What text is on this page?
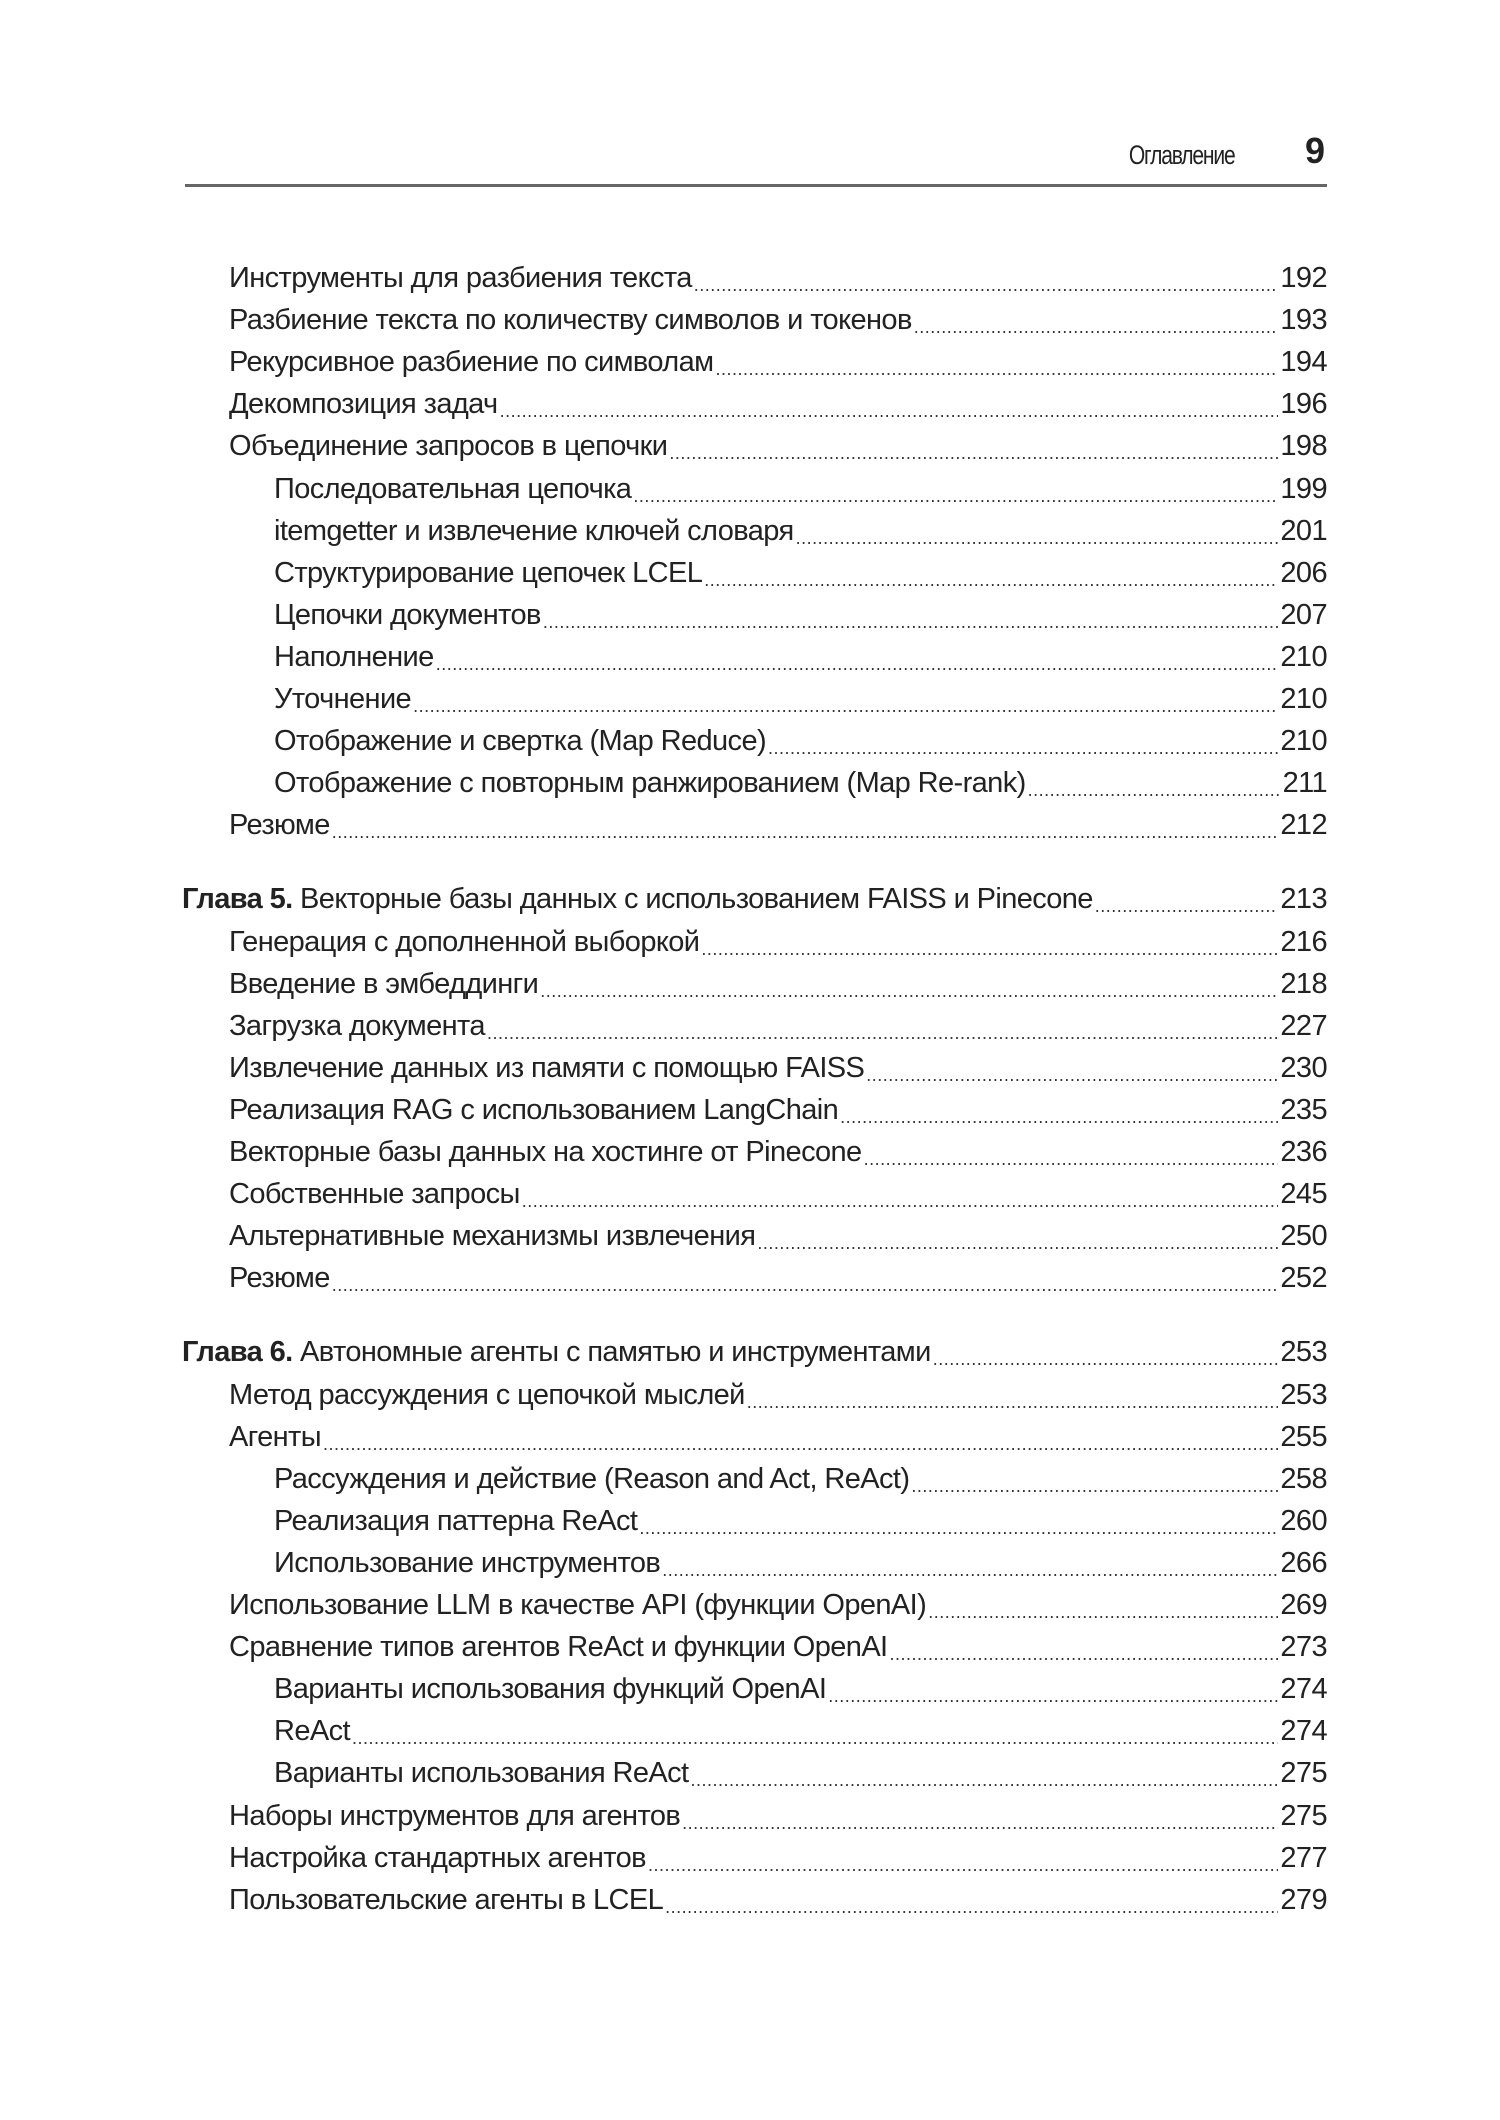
Оглавление 9
Инструменты для разбиения текста .....	192
Разбиение текста по количеству символов и токенов .....	193
Рекурсивное разбиение по символам .....	194
Декомпозиция задач .....	196
Объединение запросов в цепочки .....	198
Последовательная цепочка .....	199
itemgetter и извлечение ключей словаря .....	201
Структурирование цепочек LCEL .....	206
Цепочки документов .....	207
Наполнение .....	210
Уточнение .....	210
Отображение и свертка (Map Reduce) .....	210
Отображение с повторным ранжированием (Map Re-rank) .....	211
Резюме .....	212
Глава 5. Векторные базы данных с использованием FAISS и Pinecone .....	213
Генерация с дополненной выборкой .....	216
Введение в эмбеддинги .....	218
Загрузка документа .....	227
Извлечение данных из памяти с помощью FAISS .....	230
Реализация RAG с использованием LangChain .....	235
Векторные базы данных на хостинге от Pinecone .....	236
Собственные запросы .....	245
Альтернативные механизмы извлечения .....	250
Резюме .....	252
Глава 6. Автономные агенты с памятью и инструментами .....	253
Метод рассуждения с цепочкой мыслей .....	253
Агенты .....	255
Рассуждения и действие (Reason and Act, ReAct) .....	258
Реализация паттерна ReAct .....	260
Использование инструментов .....	266
Использование LLM в качестве API (функции OpenAI) .....	269
Сравнение типов агентов ReAct и функции OpenAI .....	273
Варианты использования функций OpenAI .....	274
ReAct .....	274
Варианты использования ReAct .....	275
Наборы инструментов для агентов .....	275
Настройка стандартных агентов .....	277
Пользовательские агенты в LCEL .....	279
